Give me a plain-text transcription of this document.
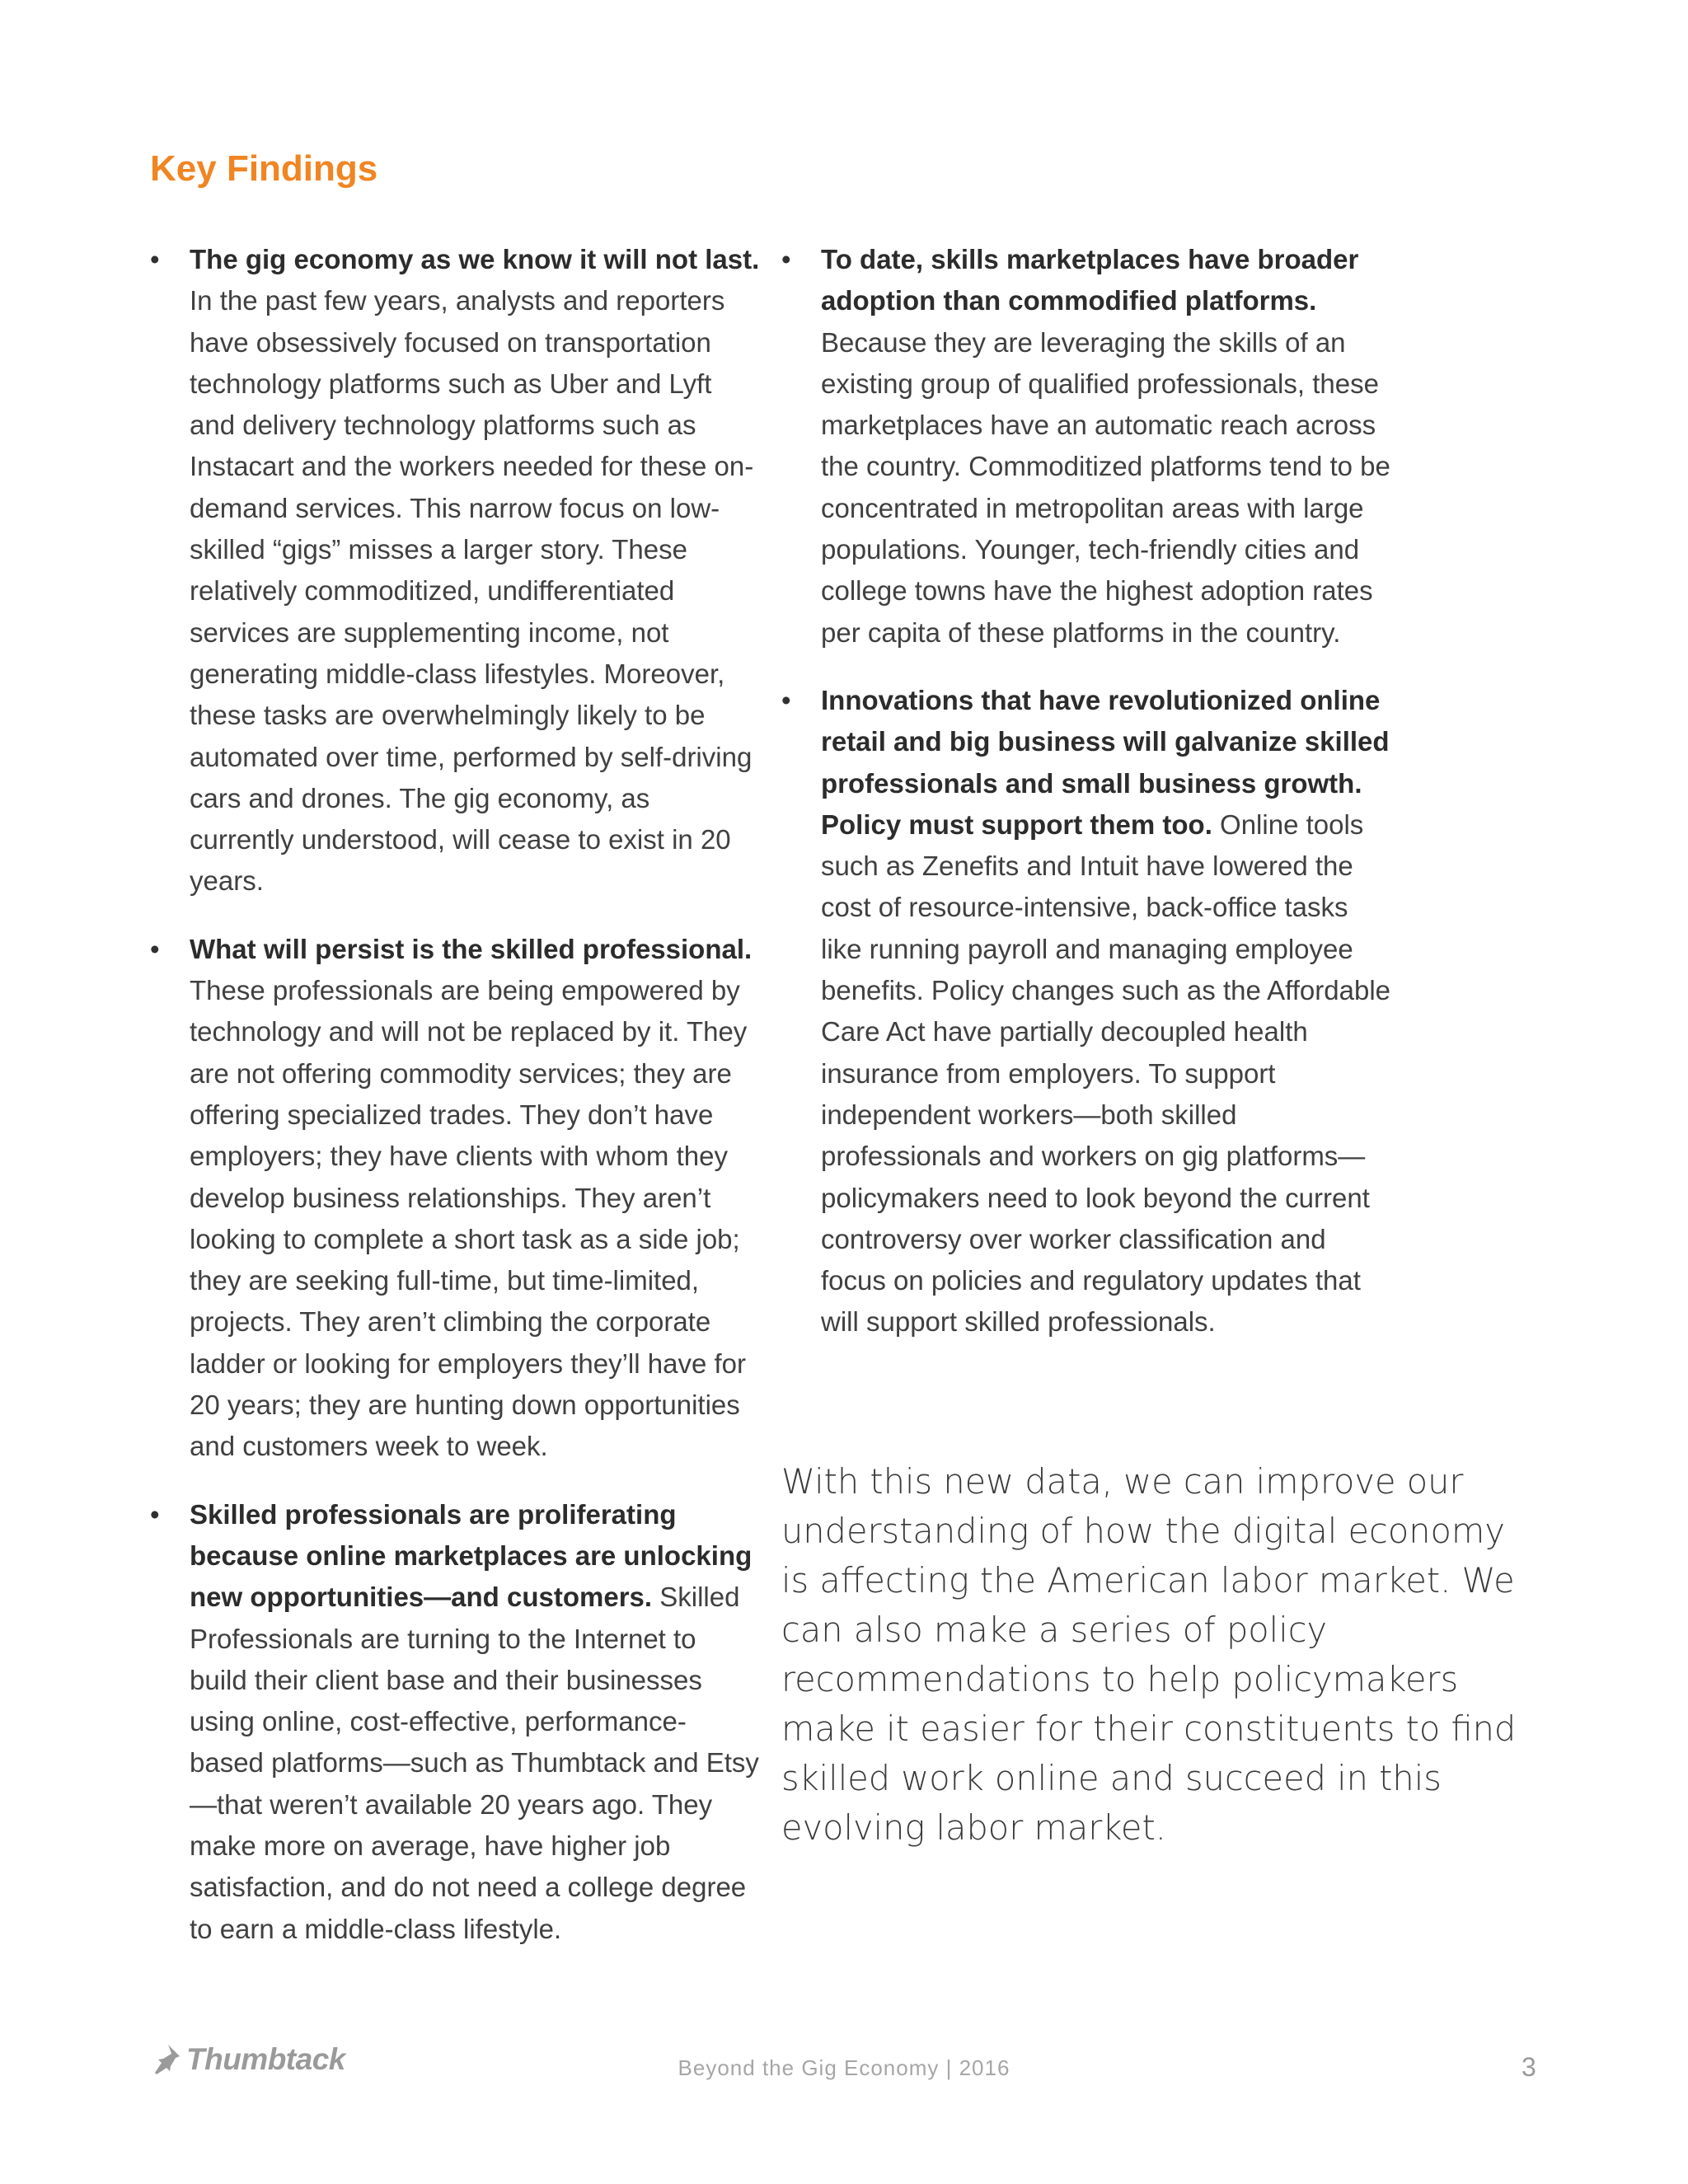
Key Findings
• The gig economy as we know it will not last. In the past few years, analysts and reporters have obsessively focused on transportation technology platforms such as Uber and Lyft and delivery technology platforms such as Instacart and the workers needed for these on-demand services. This narrow focus on low-skilled “gigs” misses a larger story. These relatively commoditized, undifferentiated services are supplementing income, not generating middle-class lifestyles. Moreover, these tasks are overwhelmingly likely to be automated over time, performed by self-driving cars and drones. The gig economy, as currently understood, will cease to exist in 20 years.
• What will persist is the skilled professional. These professionals are being empowered by technology and will not be replaced by it. They are not offering commodity services; they are offering specialized trades. They don’t have employers; they have clients with whom they develop business relationships. They aren’t looking to complete a short task as a side job; they are seeking full-time, but time-limited, projects. They aren’t climbing the corporate ladder or looking for employers they’ll have for 20 years; they are hunting down opportunities and customers week to week.
• Skilled professionals are proliferating because online marketplaces are unlocking new opportunities—and customers. Skilled Professionals are turning to the Internet to build their client base and their businesses using online, cost-effective, performance-based platforms—such as Thumbtack and Etsy—that weren’t available 20 years ago. They make more on average, have higher job satisfaction, and do not need a college degree to earn a middle-class lifestyle.
• To date, skills marketplaces have broader adoption than commodified platforms. Because they are leveraging the skills of an existing group of qualified professionals, these marketplaces have an automatic reach across the country. Commoditized platforms tend to be concentrated in metropolitan areas with large populations. Younger, tech-friendly cities and college towns have the highest adoption rates per capita of these platforms in the country.
• Innovations that have revolutionized online retail and big business will galvanize skilled professionals and small business growth. Policy must support them too. Online tools such as Zenefits and Intuit have lowered the cost of resource-intensive, back-office tasks like running payroll and managing employee benefits. Policy changes such as the Affordable Care Act have partially decoupled health insurance from employers. To support independent workers—both skilled professionals and workers on gig platforms—policymakers need to look beyond the current controversy over worker classification and focus on policies and regulatory updates that will support skilled professionals.

With this new data, we can improve our understanding of how the digital economy is affecting the American labor market. We can also make a series of policy recommendations to help policymakers make it easier for their constituents to find skilled work online and succeed in this evolving labor market.

Thumbtack	Beyond the Gig Economy | 2016	3
